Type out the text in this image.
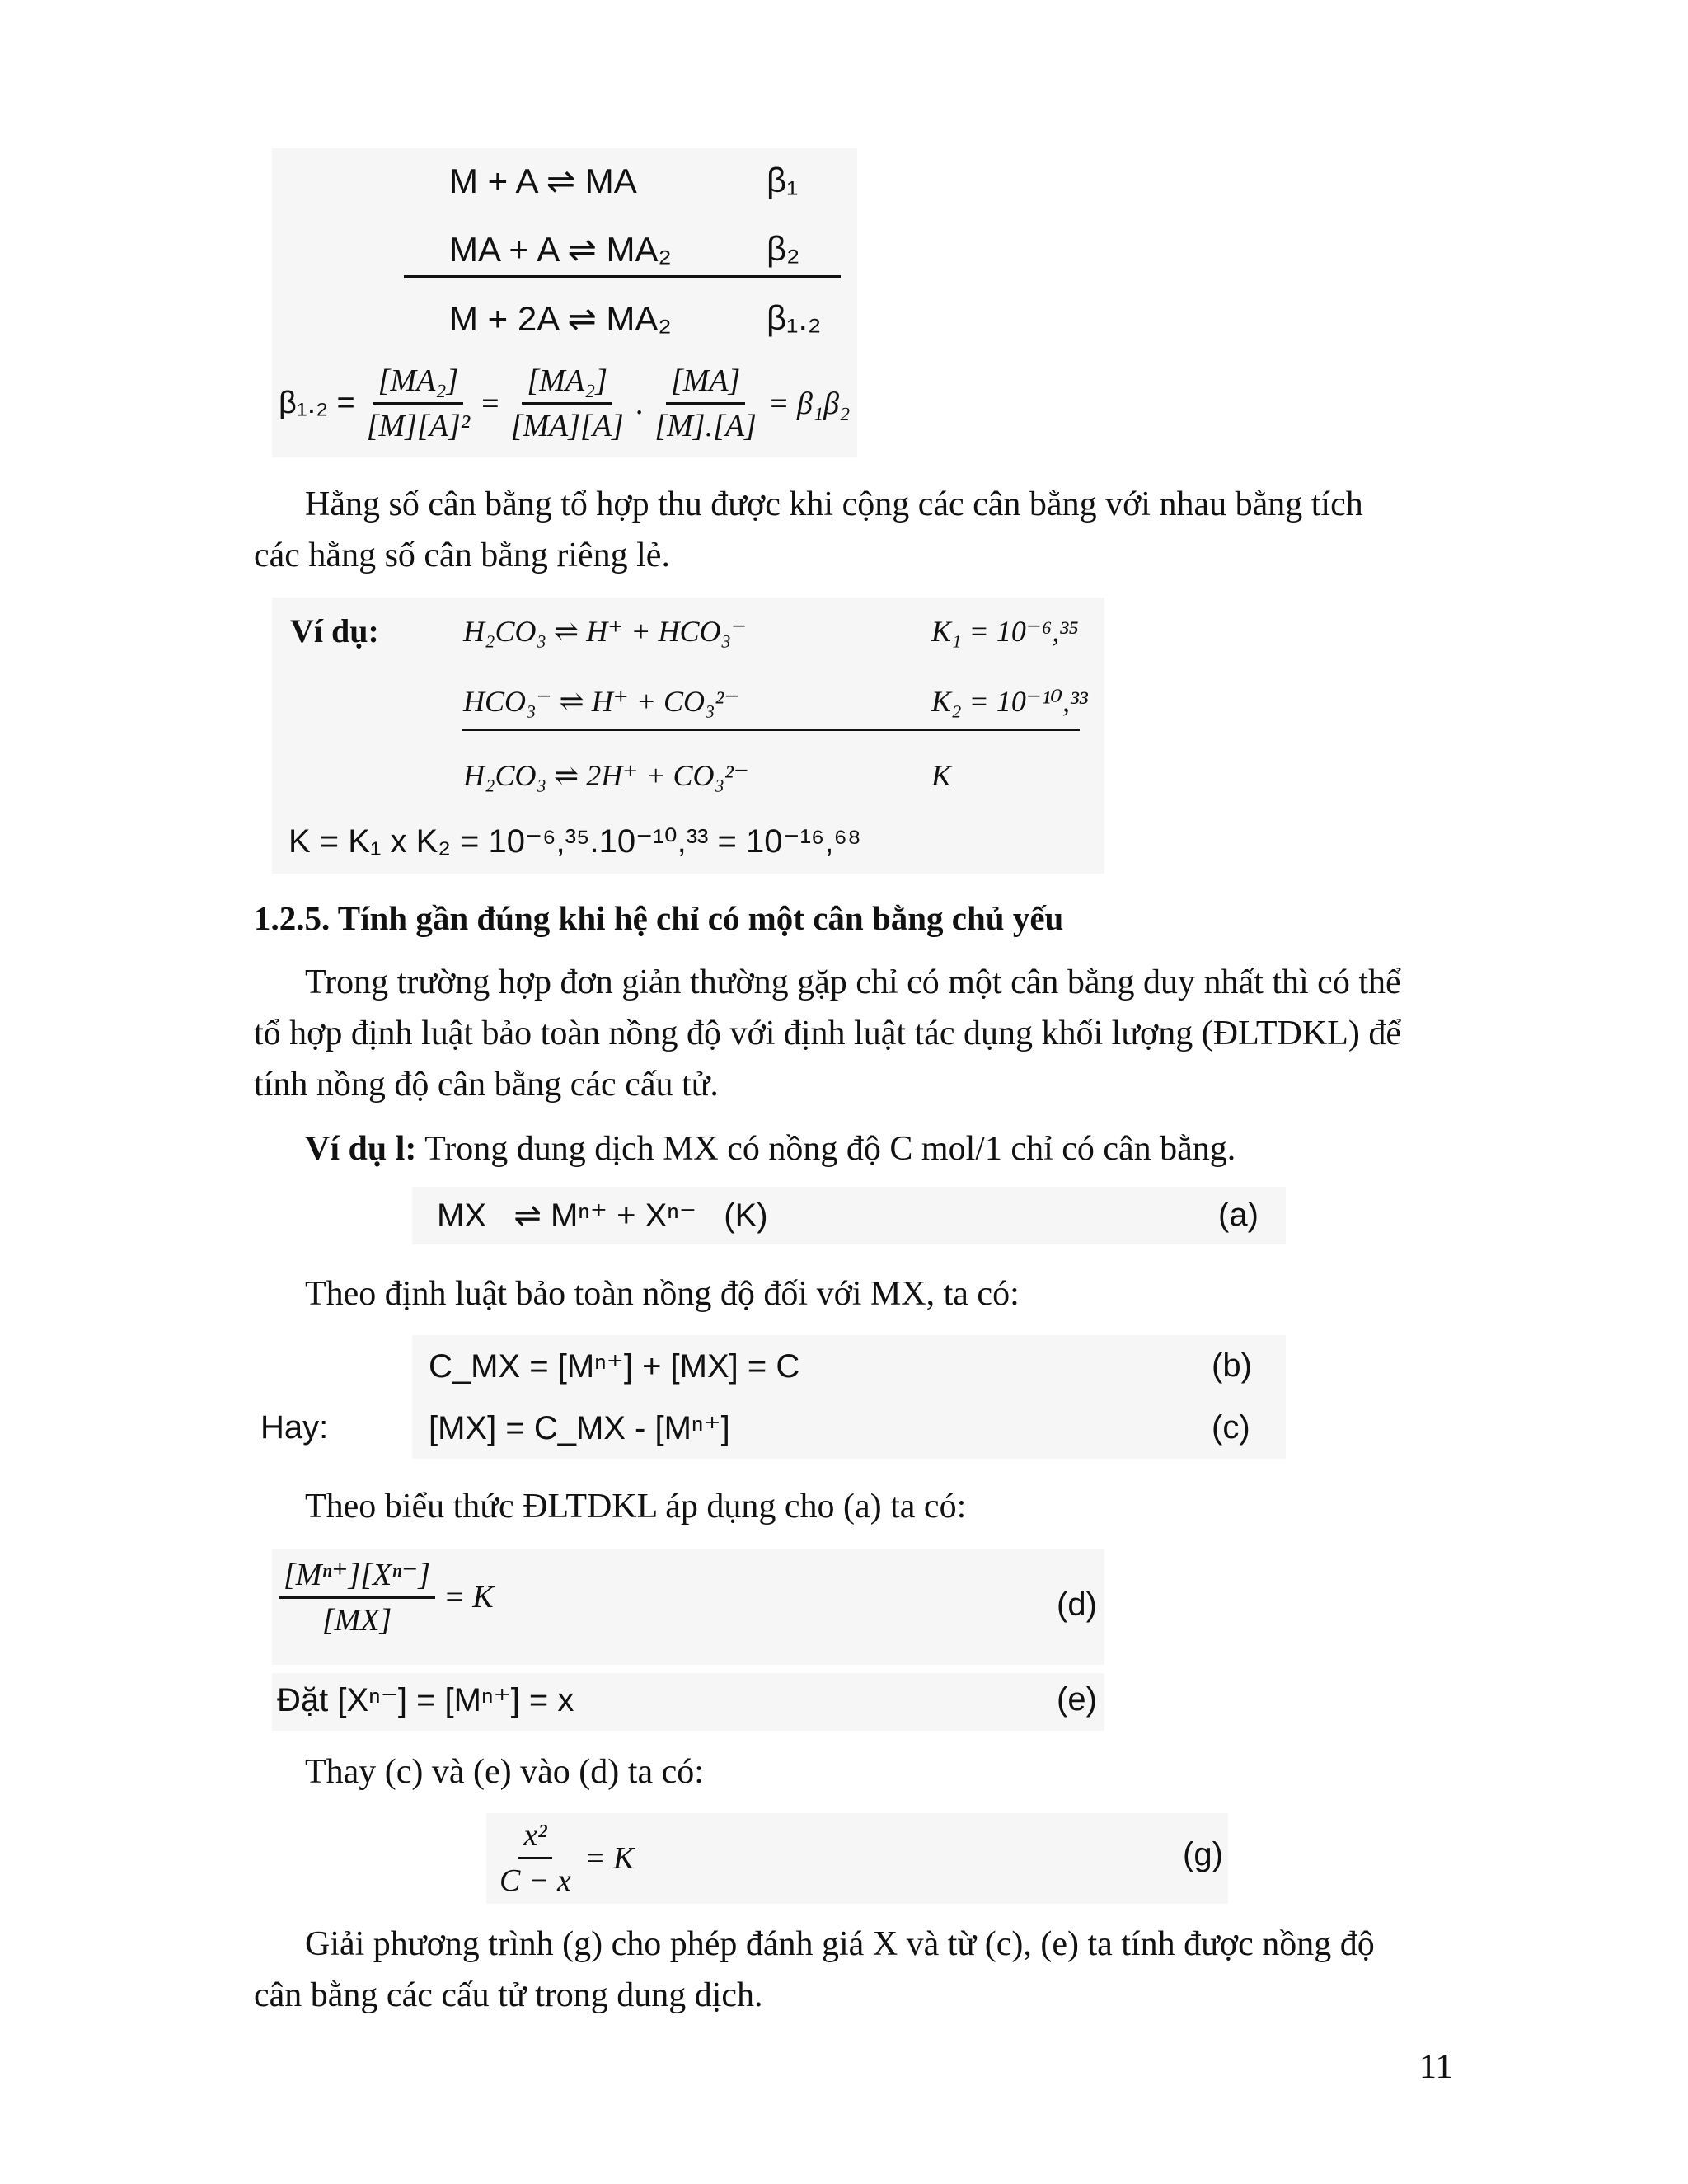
M + A ⇌ MA	β₁
MA + A ⇌ MA₂	β₂
M + 2A ⇌ MA₂	β₁.₂
$\beta_1._2 = \frac{\text{[MA₂]}}{\text{[M][A]²}} = \frac{\text{[MA₂]}}{[MA][A]}$ . $\frac{[MA]}{[M].[A]} = \beta_1\beta_2$
Hằng số cân bằng tổ hợp thu được khi cộng các cân bằng với nhau bằng tích
các hằng số cân bằng riêng lẻ.
Ví dụ:	H₂CO₃ ⇌ H⁺ + HCO₃⁻	K₁ = 10⁻⁶,³⁵
HCO₃⁻ ⇌ H⁺ + CO₃²⁻	K₂ = 10⁻¹⁰,³³
H₂CO₃ ⇌ 2H⁺ + CO₃²⁻	K
K = K₁ x K₂ = 10⁻⁶,³⁵.10⁻¹⁰,³³ = 10⁻¹⁶,⁶⁸
1.2.5. Tính gần đúng khi hệ chỉ có một cân bằng chủ yếu
Trong trường hợp đơn giản thường gặp chỉ có một cân bằng duy nhất thì có thể
tổ hợp định luật bảo toàn nồng độ với định luật tác dụng khối lượng (ĐLTDKL) để
tính nồng độ cân bằng các cấu tử.
Ví dụ l: Trong dung dịch MX có nồng độ C mol/1 chỉ có cân bằng.
MX   ⇌ Mⁿ⁺ + Xⁿ⁻   (K)	(a)
Theo định luật bảo toàn nồng độ đối với MX, ta có:
C_MX = [Mⁿ⁺] + [MX] = C	(b)
Hay:	[MX] = C_MX - [Mⁿ⁺]	(c)
Theo biểu thức ĐLTDKL áp dụng cho (a) ta có:
$\frac{\text{[Mⁿ⁺][Xⁿ⁻]}}{[MX]} = K$	(d)
Đặt [Xⁿ⁻] = [Mⁿ⁺] = x	(e)
Thay (c) và (e) vào (d) ta có:
$\frac{\text{x²}}{C - x} = K$	(g)
Giải phương trình (g) cho phép đánh giá X và từ (c), (e) ta tính được nồng độ
cân bằng các cấu tử trong dung dịch.
11
